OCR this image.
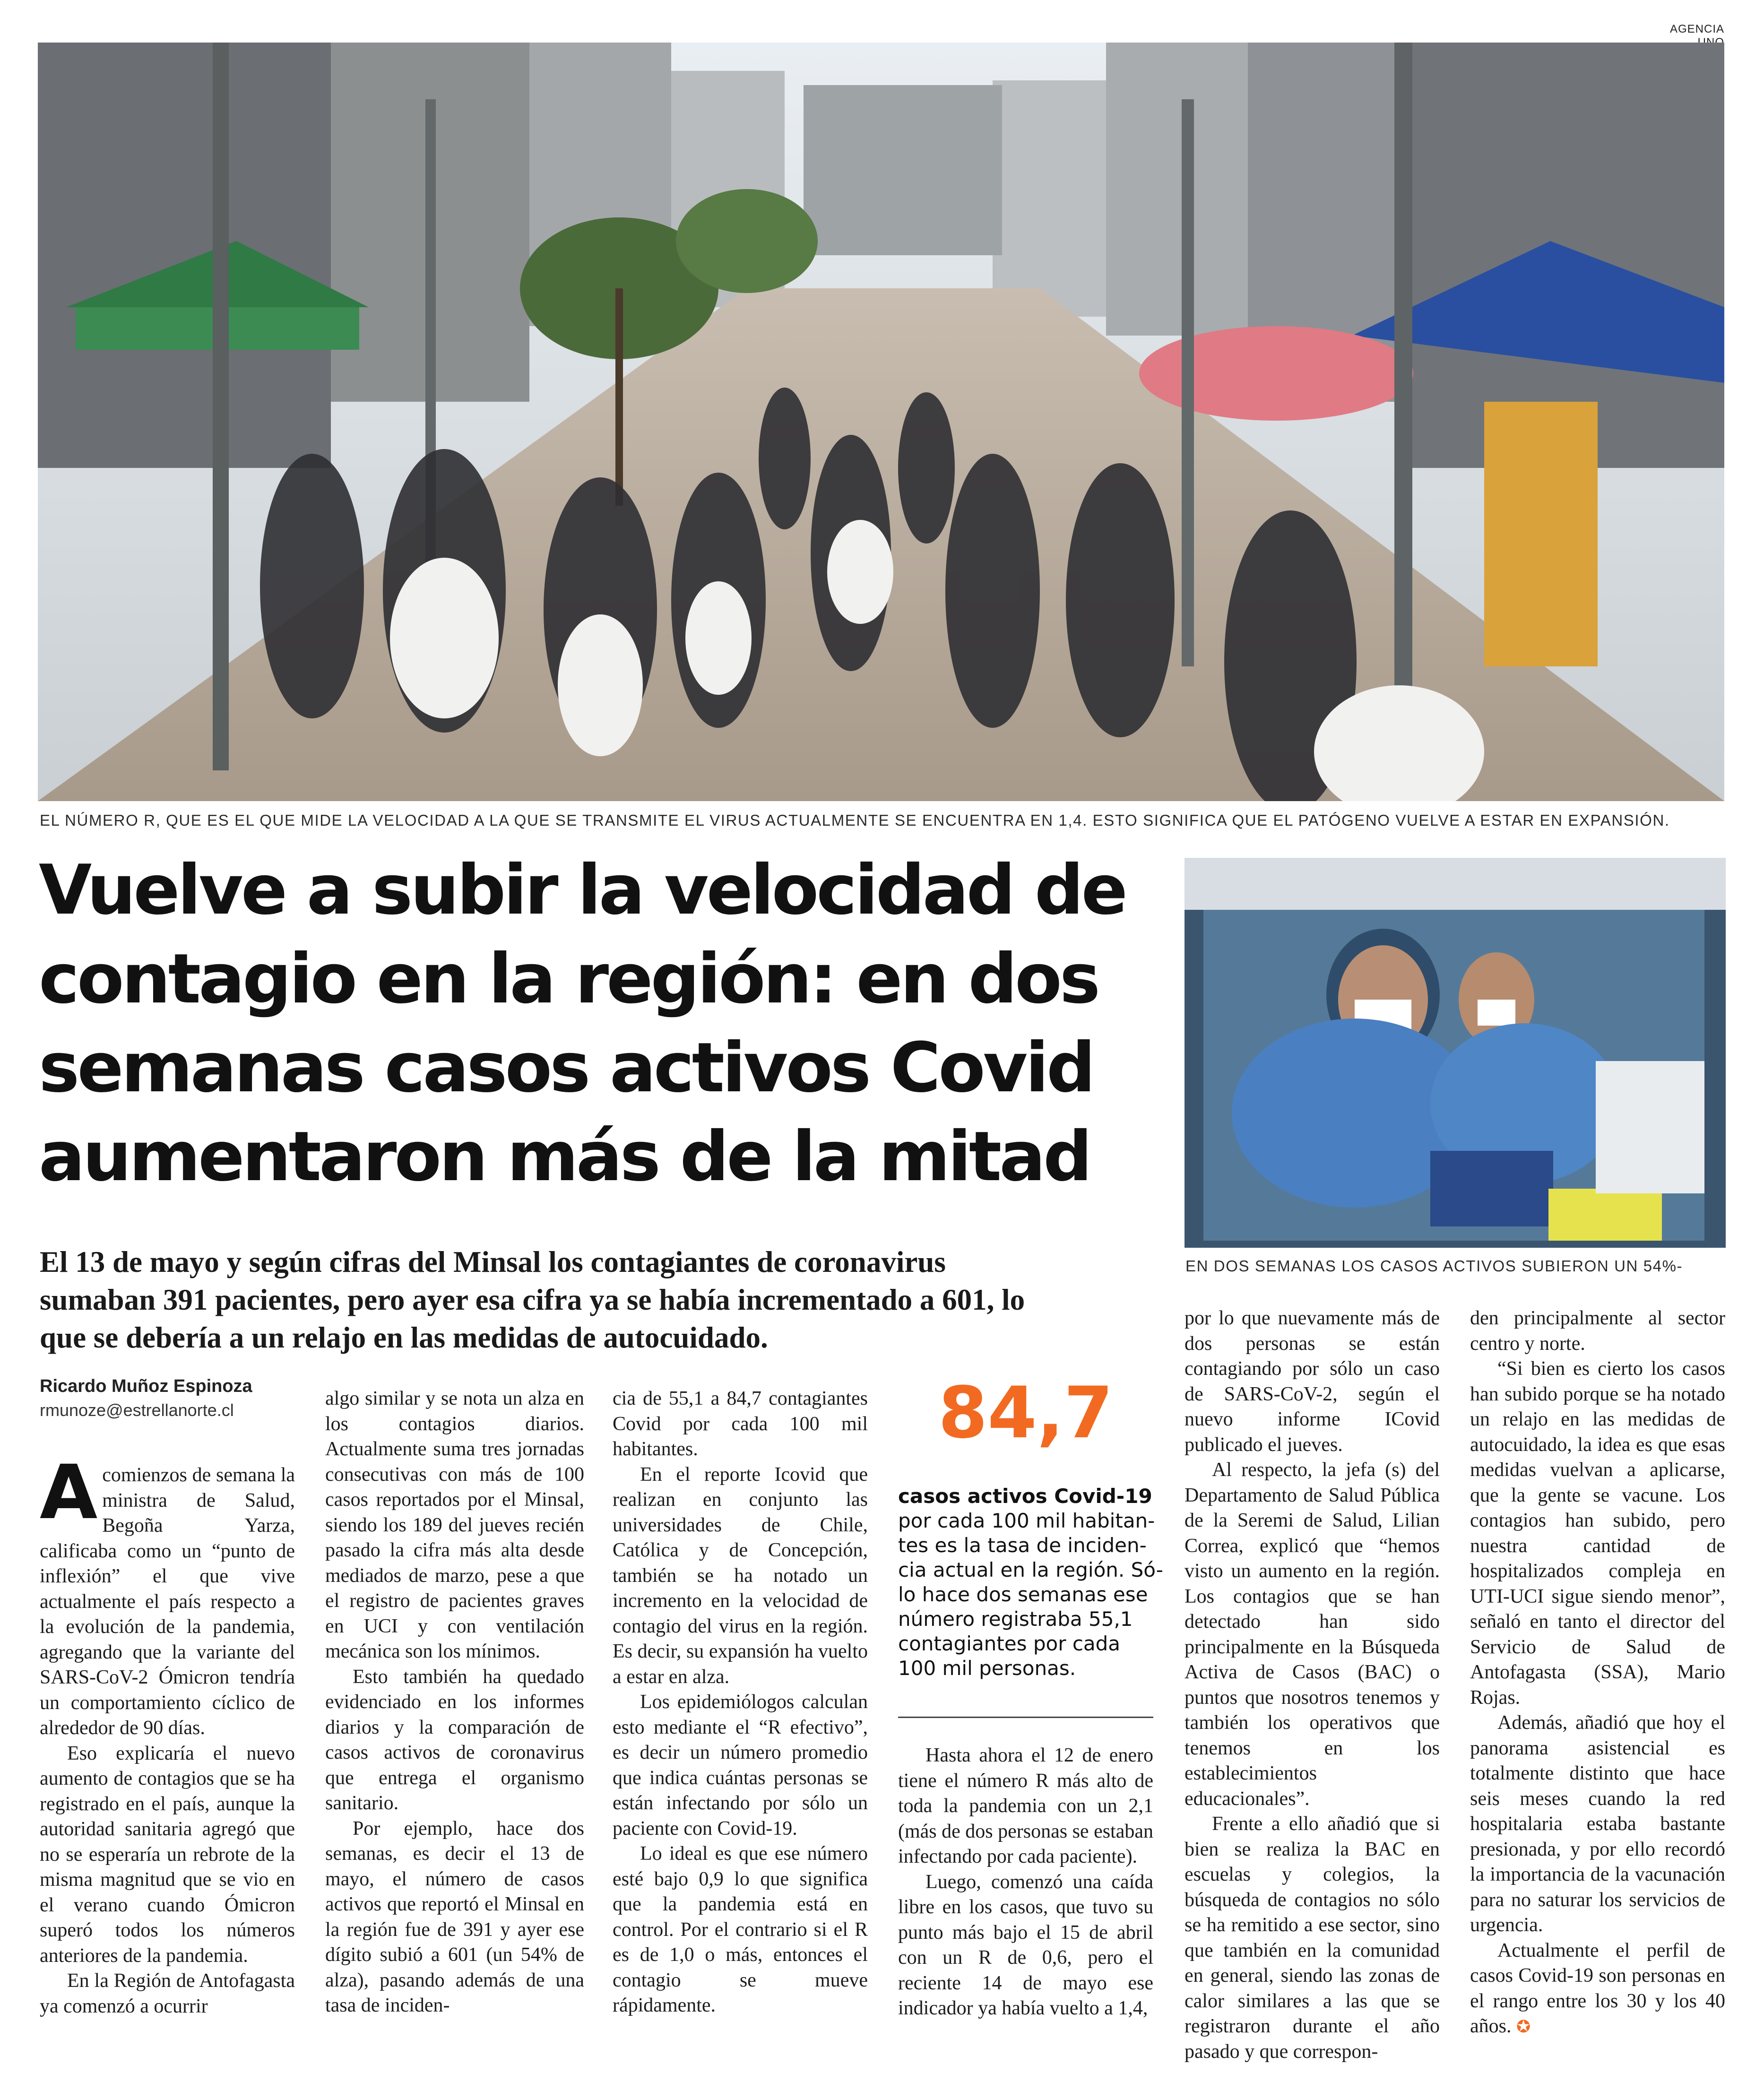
AGENCIA
EL NÚMERO R, QUE ES EL QUE MIDE LA VELOCIDAD A LA QUE SE TRANSMITE EL VIRUS ACTUALMENTE SE ENCUENTRA EN 1,4. ESTO SIGNIFICA QUE EL PATÓGENO VUELVE A ESTAR EN EXPANSIÓN.
Vuelve a subir la velocidad de
contagio en la región: en dos
semanas casos activos Covid
aumentaron más de la mitad
EN DOS SEMANAS LOS CASOS ACTIVOS SUBIERON UN 54%-
El 13 de mayo y según cifras del Minsal los contagiantes de coronavirus
sumaban 391 pacientes, pero ayer esa cifra ya se había incrementado a 601, lo
que se debería a un relajo en las medidas de autocuidado.
Ricardo Muñoz Espinoza
rmunoze@estrellanorte.cl

A comienzos de semana la ministra de Salud, Begoña Yarza, calificaba como un “punto de inflexión” el que vive actualmente el país respecto a la evolución de la pandemia, agregando que la variante del SARS-CoV-2 Ómicron tendría un comportamiento cíclico de alrededor de 90 días.

Eso explicaría el nuevo aumento de contagios que se ha registrado en el país, aunque la autoridad sanitaria agregó que no se esperaría un rebrote de la misma magnitud que se vio en el verano cuando Ómicron superó todos los números anteriores de la pandemia.

En la Región de Antofagasta ya comenzó a ocurrir

algo similar y se nota un alza en los contagios diarios. Actualmente suma tres jornadas consecutivas con más de 100 casos reportados por el Minsal, siendo los 189 del jueves recién pasado la cifra más alta desde mediados de marzo, pese a que el registro de pacientes graves en UCI y con ventilación mecánica son los mínimos.

Esto también ha quedado evidenciado en los informes diarios y la comparación de casos activos de coronavirus que entrega el organismo sanitario.

Por ejemplo, hace dos semanas, es decir el 13 de mayo, el número de casos activos que reportó el Minsal en la región fue de 391 y ayer ese dígito subió a 601 (un 54% de alza), pasando además de una tasa de inciden-

cia de 55,1 a 84,7 contagiantes Covid por cada 100 mil habitantes.

En el reporte Icovid que realizan en conjunto las universidades de Chile, Católica y de Concepción, también se ha notado un incremento en la velocidad de contagio del virus en la región. Es decir, su expansión ha vuelto a estar en alza.

Los epidemiólogos calculan esto mediante el “R efectivo”, es decir un número promedio que indica cuántas personas se están infectando por sólo un paciente con Covid-19.

Lo ideal es que ese número esté bajo 0,9 lo que significa que la pandemia está en control. Por el contrario si el R es de 1,0 o más, entonces el contagio se mueve rápidamente.

84,7
casos activos Covid-19
por cada 100 mil habitan-
tes es la tasa de inciden-
cia actual en la región. Só-
lo hace dos semanas ese
número registraba 55,1
contagiantes por cada
100 mil personas.

Hasta ahora el 12 de enero tiene el número R más alto de toda la pandemia con un 2,1 (más de dos personas se estaban infectando por cada paciente).

Luego, comenzó una caída libre en los casos, que tuvo su punto más bajo el 15 de abril con un R de 0,6, pero el reciente 14 de mayo ese indicador ya había vuelto a 1,4,

por lo que nuevamente más de dos personas se están contagiando por sólo un caso de SARS-CoV-2, según el nuevo informe ICovid publicado el jueves.

Al respecto, la jefa (s) del Departamento de Salud Pública de la Seremi de Salud, Lilian Correa, explicó que “hemos visto un aumento en la región. Los contagios que se han detectado han sido principalmente en la Búsqueda Activa de Casos (BAC) o puntos que nosotros tenemos y también los operativos que tenemos en los establecimientos educacionales”.

Frente a ello añadió que si bien se realiza la BAC en escuelas y colegios, la búsqueda de contagios no sólo se ha remitido a ese sector, sino que también en la comunidad en general, siendo las zonas de calor similares a las que se registraron durante el año pasado y que correspon-

den principalmente al sector centro y norte.

“Si bien es cierto los casos han subido porque se ha notado un relajo en las medidas de autocuidado, la idea es que esas medidas vuelvan a aplicarse, que la gente se vacune. Los contagios han subido, pero nuestra cantidad de hospitalizados compleja en UTI-UCI sigue siendo menor”, señaló en tanto el director del Servicio de Salud de Antofagasta (SSA), Mario Rojas.

Además, añadió que hoy el panorama asistencial es totalmente distinto que hace seis meses cuando la red hospitalaria estaba bastante presionada, y por ello recordó la importancia de la vacunación para no saturar los servicios de urgencia.

Actualmente el perfil de casos Covid-19 son personas en el rango entre los 30 y los 40 años. ✪
